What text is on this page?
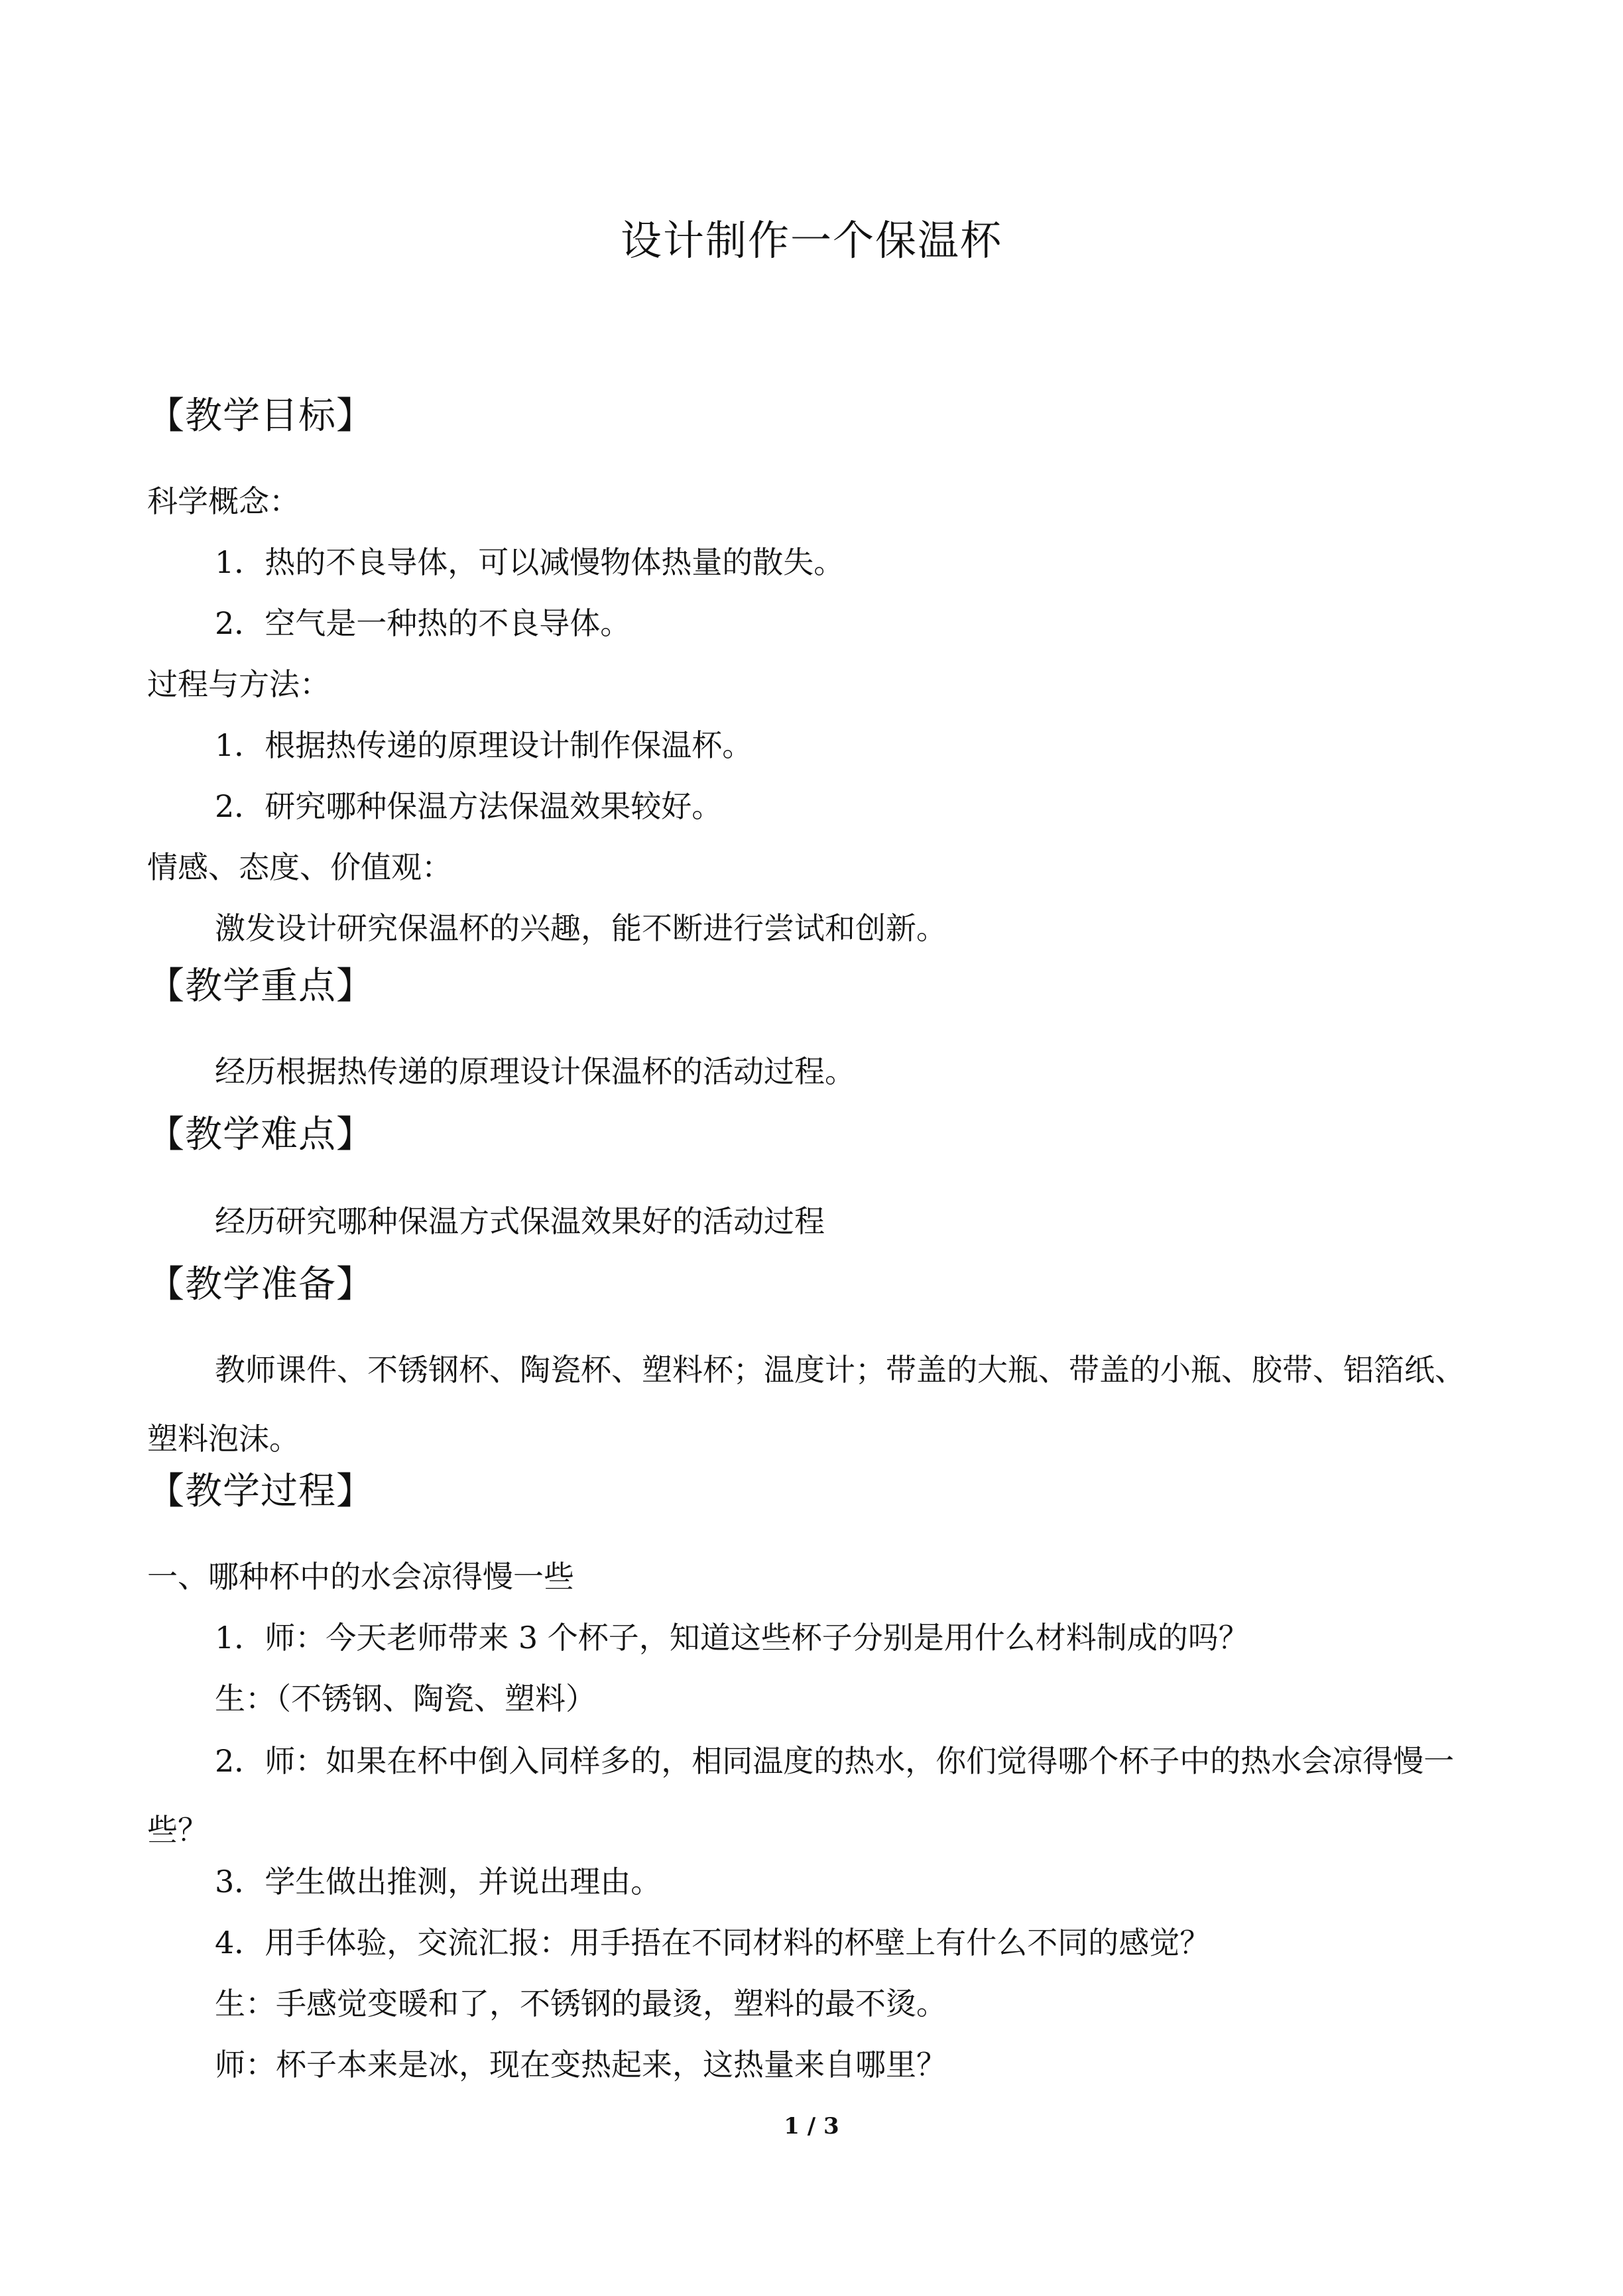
设计制作一个保温杯
【教学目标】
科学概念：
1．热的不良导体，可以减慢物体热量的散失。
2．空气是一种热的不良导体。
过程与方法：
1．根据热传递的原理设计制作保温杯。
2．研究哪种保温方法保温效果较好。
情感、态度、价值观：
激发设计研究保温杯的兴趣，能不断进行尝试和创新。
【教学重点】
经历根据热传递的原理设计保温杯的活动过程。
【教学难点】
经历研究哪种保温方式保温效果好的活动过程
【教学准备】
教师课件、不锈钢杯、陶瓷杯、塑料杯；温度计；带盖的大瓶、带盖的小瓶、胶带、铝箔纸、塑料泡沫。
【教学过程】
一、哪种杯中的水会凉得慢一些
1．师：今天老师带来 3 个杯子，知道这些杯子分别是用什么材料制成的吗？
生：（不锈钢、陶瓷、塑料）
2．师：如果在杯中倒入同样多的，相同温度的热水，你们觉得哪个杯子中的热水会凉得慢一些？
3．学生做出推测，并说出理由。
4．用手体验，交流汇报：用手捂在不同材料的杯壁上有什么不同的感觉？
生：手感觉变暖和了，不锈钢的最烫，塑料的最不烫。
师：杯子本来是冰，现在变热起来，这热量来自哪里？
1 / 3
